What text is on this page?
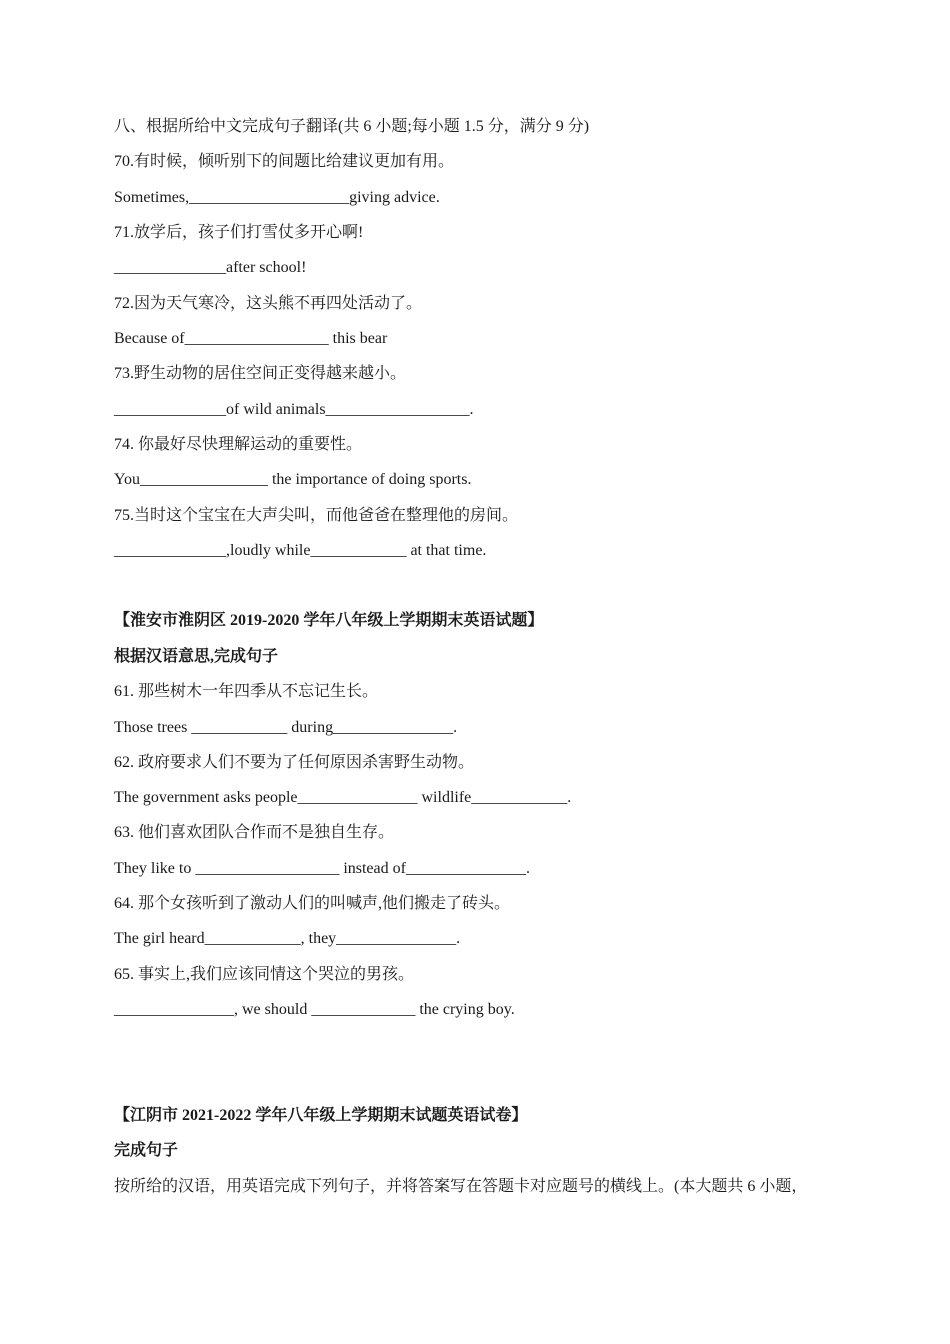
八、根据所给中文完成句子翻译(共 6 小题;每小题 1.5 分，满分 9 分)
70.有时候，倾听别下的间题比给建议更加有用。
Sometimes,____________________giving advice.
71.放学后，孩子们打雪仗多开心啊!
______________after school!
72.因为天气寒冷，这头熊不再四处活动了。
Because of__________________ this bear
73.野生动物的居住空间正变得越来越小。
______________of wild animals__________________.
74. 你最好尽快理解运动的重要性。
You________________ the importance of doing sports.
75.当时这个宝宝在大声尖叫，而他爸爸在整理他的房间。
______________,loudly while____________ at that time.
【淮安市淮阴区 2019-2020 学年八年级上学期期末英语试题】
根据汉语意思,完成句子
61. 那些树木一年四季从不忘记生长。
Those trees ____________ during_______________.
62. 政府要求人们不要为了任何原因杀害野生动物。
The government asks people_______________ wildlife____________.
63. 他们喜欢团队合作而不是独自生存。
They like to __________________ instead of_______________.
64. 那个女孩听到了激动人们的叫喊声,他们搬走了砖头。
The girl heard____________, they_______________.
65. 事实上,我们应该同情这个哭泣的男孩。
_______________, we should _____________ the crying boy.
【江阴市 2021-2022 学年八年级上学期期末试题英语试卷】
完成句子
按所给的汉语，用英语完成下列句子，并将答案写在答题卡对应题号的横线上。(本大题共 6 小题，
